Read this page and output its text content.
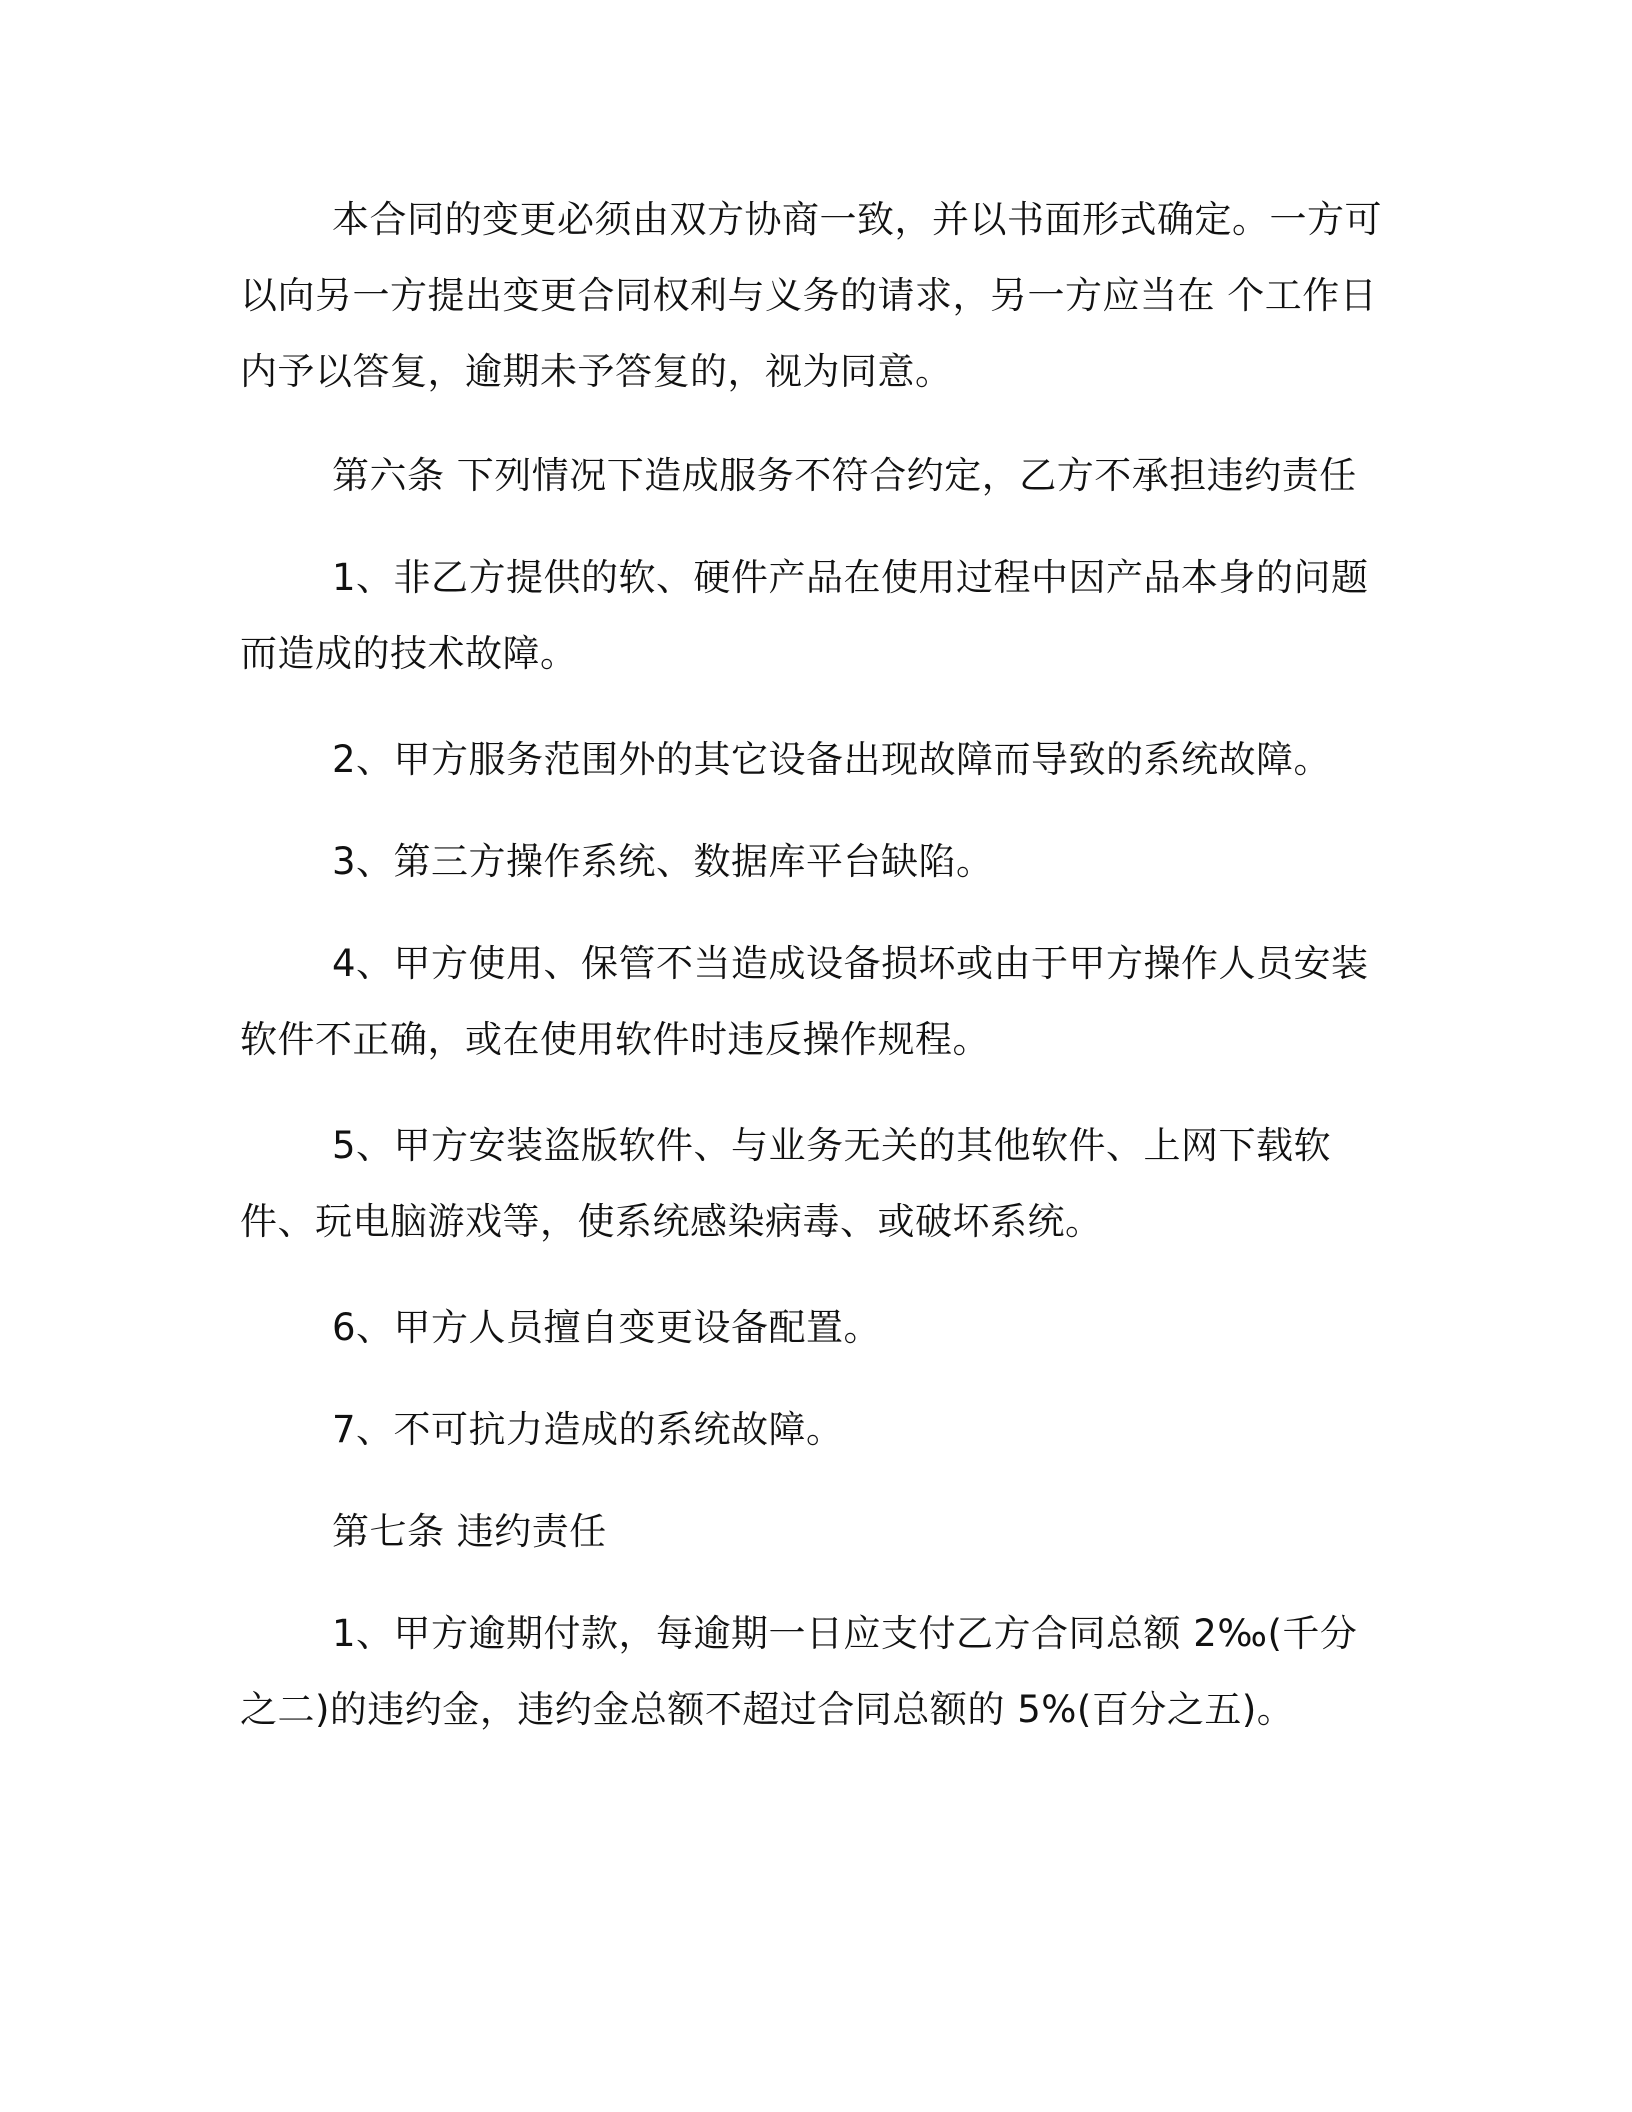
本合同的变更必须由双方协商一致，并以书面形式确定。一方可以向另一方提出变更合同权利与义务的请求，另一方应当在 个工作日内予以答复，逾期未予答复的，视为同意。

第六条 下列情况下造成服务不符合约定，乙方不承担违约责任

1、非乙方提供的软、硬件产品在使用过程中因产品本身的问题而造成的技术故障。

2、甲方服务范围外的其它设备出现故障而导致的系统故障。

3、第三方操作系统、数据库平台缺陷。

4、甲方使用、保管不当造成设备损坏或由于甲方操作人员安装软件不正确，或在使用软件时违反操作规程。

5、甲方安装盗版软件、与业务无关的其他软件、上网下载软件、玩电脑游戏等，使系统感染病毒、或破坏系统。

6、甲方人员擅自变更设备配置。

7、不可抗力造成的系统故障。

第七条 违约责任

1、甲方逾期付款，每逾期一日应支付乙方合同总额 2‰(千分之二)的违约金，违约金总额不超过合同总额的 5%(百分之五)。
